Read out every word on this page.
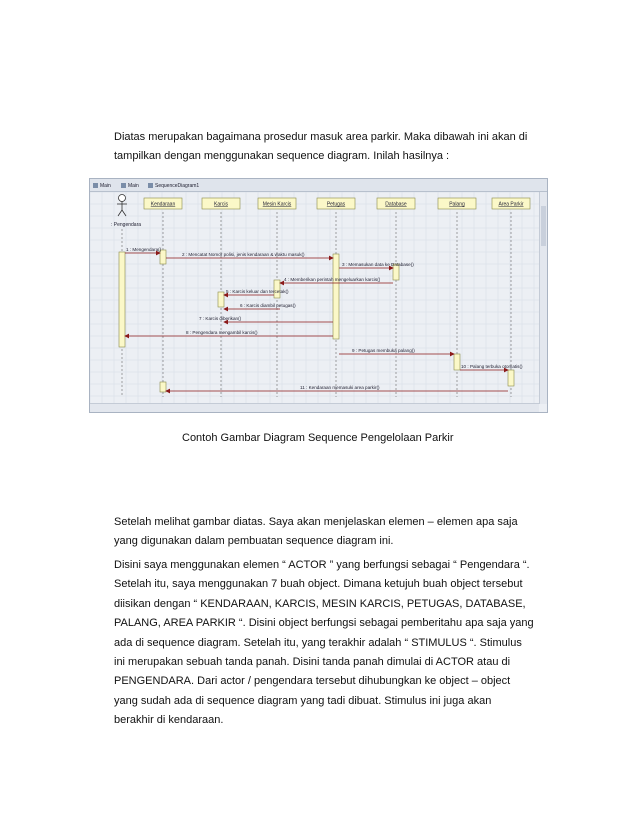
Diatas merupakan bagaimana prosedur masuk area parkir. Maka dibawah ini akan di tampilkan dengan menggunakan sequence diagram. Inilah hasilnya :
Main	Main	SequenceDiagram1
: Pengendara
Kendaraan	Karcis	Mesin Karcis	Petugas	Database	Palang	Area Parkir
1 : Mengendara()
2 : Mencatat Nomor polisi, jenis kendaraan & waktu masuk()
3 : Memasukan data ke Database()
4 : Memberikan perintah mengeluarkan karcis()
5 : Karcis keluar dan tercetak()
6 : Karcis diambil petugas()
7 : Karcis diberikan()
8 : Pengendara mengambil karcis()
9 : Petugas membuka palang()
10 : Palang terbuka otomatis()
11 : Kendaraan memasuki area parkir()
Contoh Gambar Diagram Sequence Pengelolaan Parkir
Setelah melihat gambar diatas. Saya akan menjelaskan elemen – elemen apa saja yang digunakan dalam pembuatan sequence diagram ini.
Disini saya menggunakan elemen “ ACTOR ” yang berfungsi sebagai “ Pengendara “. Setelah itu, saya menggunakan 7 buah object. Dimana ketujuh buah object tersebut diisikan dengan “ KENDARAAN, KARCIS, MESIN KARCIS, PETUGAS, DATABASE, PALANG, AREA PARKIR “. Disini object berfungsi sebagai pemberitahu apa saja yang ada di sequence diagram. Setelah itu, yang terakhir adalah “ STIMULUS “. Stimulus ini merupakan sebuah tanda panah. Disini tanda panah dimulai di ACTOR atau di PENGENDARA. Dari actor / pengendara tersebut dihubungkan ke object – object yang sudah ada di sequence diagram yang tadi dibuat. Stimulus ini juga akan berakhir di kendaraan.
